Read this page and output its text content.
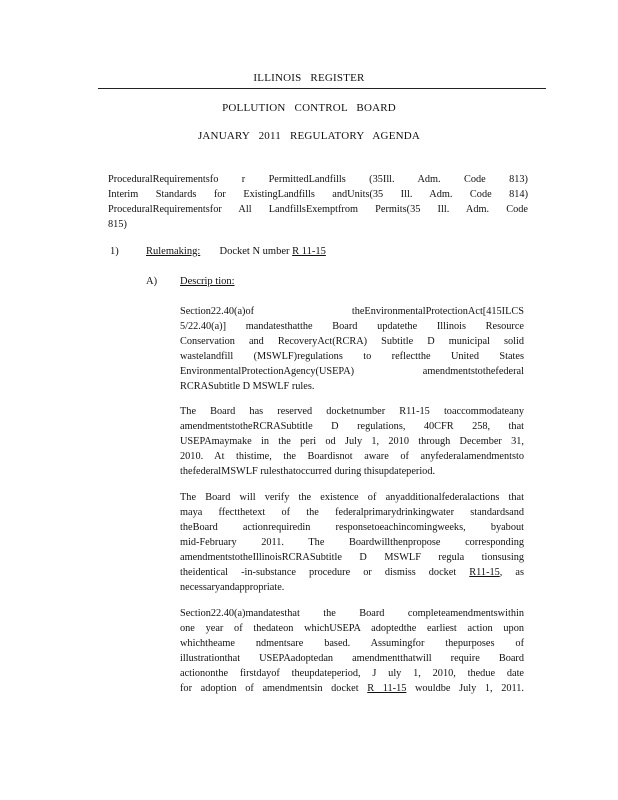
ILLINOIS REGISTER
POLLUTION CONTROL BOARD
JANUARY 2011 REGULATORY AGENDA
ProceduralRequirementsfo r PermittedLandfills (35Ill. Adm. Code 813)
Interim Standards for ExistingLandfills andUnits(35 Ill. Adm. Code 814)
ProceduralRequirementsfor All LandfillsExemptfrom Permits(35 Ill. Adm. Code
815)
1)	Rulemaking: Docket N umber R 11-15
A) Descrip tion:
Section22.40(a)of theEnvironmentalProtectionAct[415ILCS
5/22.40(a)] mandatesthatthe Board updatethe Illinois Resource
Conservation and RecoveryAct(RCRA) Subtitle D municipal solid
wastelandfill (MSWLF)regulations to reflectthe United States
EnvironmentalProtectionAgency(USEPA) amendmentstothefederal
RCRASubtitle D MSWLF rules.
The Board has reserved docketnumber R11-15 toaccommodateany
amendmentstotheRCRASubtitle D regulations, 40CFR 258, that
USEPAmaymake in the peri od July 1, 2010 through December 31,
2010. At thistime, the Boardisnot aware of anyfederalamendmentsto
thefederalMSWLF rulesthatoccurred during thisupdateperiod.
The Board will verify the existence of anyadditionalfederalactions that
maya ffectthetext of the federalprimarydrinkingwater standardsand
theBoard actionrequiredin responsetoeachincomingweeks, byabout
mid-February 2011. The Boardwillthenpropose corresponding
amendmentstotheIllinoisRCRASubtitle D MSWLF regula tionsusing
theidentical -in-substance procedure or dismiss docket R11-15, as
necessaryandappropriate.
Section22.40(a)mandatesthat the Board completeamendmentswithin
one year of thedateon whichUSEPA adoptedthe earliest action upon
whichtheame ndmentsare based. Assumingfor thepurposes of
illustrationthat USEPAadoptedan amendmentthatwill require Board
actiononthe firstdayof theupdateperiod, J uly 1, 2010, thedue date
for adoption of amendmentsin docket R 11-15 wouldbe July 1, 2011.
